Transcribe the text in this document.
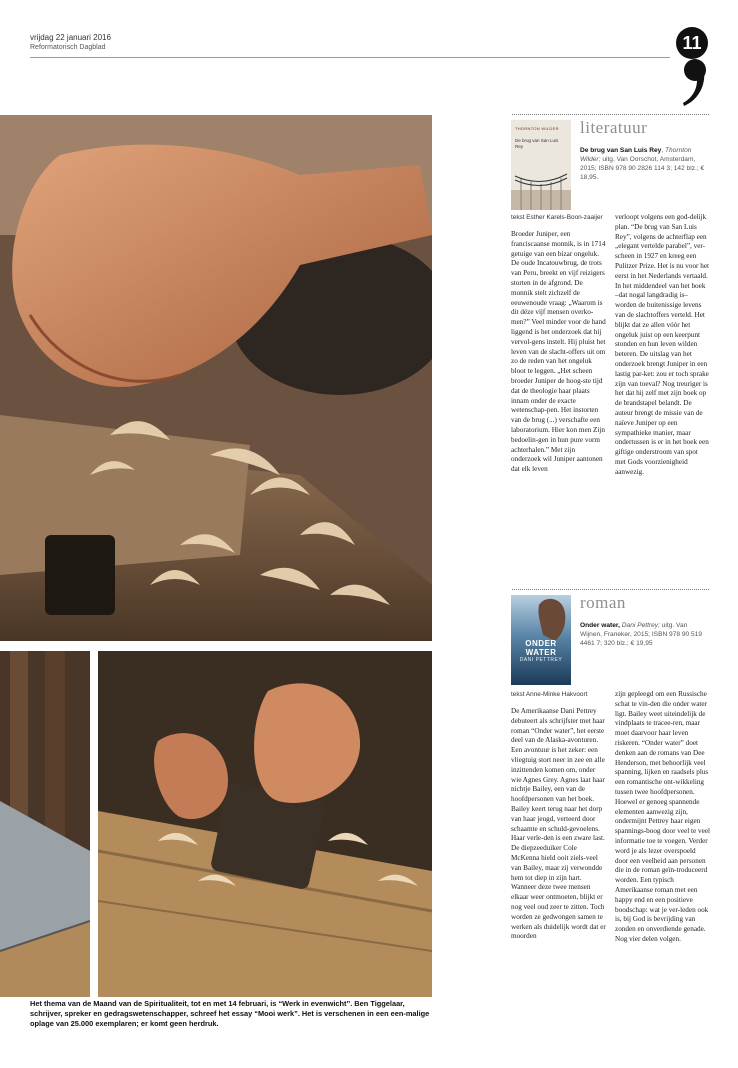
vrijdag 22 januari 2016
Reformatorisch Dagblad	11
Het thema van de Maand van de Spiritualiteit, tot en met 14 februari, is “Werk in evenwicht”. Ben Tiggelaar, schrijver, spreker en gedragswetenschapper, schreef het essay “Mooi werk”. Het is verschenen in een een-malige oplage van 25.000 exemplaren; er komt geen herdruk.
literatuur
THORNTON WILDER
De brug van San Luis Rey
De brug van San Luis Rey, Thornton Wilder; uitg. Van Oorschot, Amsterdam, 2015; ISBN 978 90 2826 114 3; 142 blz.; € 18,95.
tekst Esther Karels-Boon-zaaijer

Broeder Juniper, een franciscaanse monnik, is in 1714 getuige van een bizar ongeluk. De oude Incatouwbrug, de trots van Peru, breekt en vijf reizigers storten in de afgrond. De monnik stelt zichzelf de eeuwenoude vraag: „Waarom is dit déze vijf mensen overko-men?” Veel minder voor de hand liggend is het onderzoek dat hij vervol-gens instelt. Hij pluist het leven van de slacht-offers uit om zo de reden van het ongeluk bloot te leggen. „Het scheen broeder Juniper de hoog-ste tijd dat de theologie haar plaats innam onder de exacte wetenschap-pen. Het instorten van de brug (...) verschafte een laboratorium. Hier kon men Zijn bedoelin-gen in hun pure vorm achterhalen.” Met zijn onderzoek wil Juniper aantonen dat elk leven

verloopt volgens een god-delijk plan. “De brug van San Luis Rey”, volgens de achterflap een „elegant vertelde parabel”, ver-scheen in 1927 en kreeg een Pulitzer Prize. Het is nu voor het eerst in het Nederlands vertaald. In het middendeel van het boek –dat nogal langdradig is– worden de buitenissige levens van de slachtoffers verteld. Het blijkt dat ze allen vóór het ongeluk juist op een keerpunt stonden en hun leven wilden beteren. De uitslag van het onderzoek brengt Juniper in een lastig par-ket: zou er toch sprake zijn van toeval? Nog treuriger is het dat hij zelf met zijn boek op de brandstapel belandt. De auteur brengt de missie van de naïeve Juniper op een sympathieke manier, maar ondertussen is er in het boek een giftige onderstroom van spot met Gods voorzienigheid aanwezig.

roman
ONDER WATER
DANI PETTREY
Onder water, Dani Pettrey; uitg. Van Wijnen, Franeker, 2015; ISBN 978 90 519 4461 7; 320 blz.; € 19,95
tekst Anne-Minke Hakvoort

De Amerikaanse Dani Pettrey debuteert als schrijfster met haar roman “Onder water”, het eerste deel van de Alaska-avonturen. Een avontuur is het zeker: een vliegtuig stort neer in zee en alle inzittenden komen om, onder wie Agnes Grey. Agnes laat haar nichtje Bailey, een van de hoofdpersonen van het boek. Bailey keert terug naar het dorp van haar jeugd, verteerd door schaamte en schuld-gevoelens. Haar verle-den is een zware last. De diepzeeduiker Cole McKenna hield ooit ziels-veel van Bailey, maar zij verwondde hem tot diep in zijn hart. Wanneer deze twee mensen elkaar weer ontmoeten, blijkt er nog veel oud zeer te zitten. Toch worden ze gedwongen samen te werken als duidelijk wordt dat er moorden

zijn gepleegd om een Russische schat te vin-den die onder water ligt. Bailey weet uiteindelijk de vindplaats te tracee-ren, maar moet daarvoor haar leven riskeren. “Onder water” doet denken aan de romans van Dee Henderson, met behoorlijk veel spanning, lijken en raadsels plus een romantische ont-wikkeling tussen twee hoofdpersonen. Hoewel er genoeg spannende elementen aanwezig zijn, ondermijnt Pettrey haar eigen spannings-boog door veel te veel informatie toe te voegen. Verder word je als lezer overspoeld door een veelheid aan personen die in de roman geïn-troduceerd worden. Een typisch Amerikaanse roman met een happy end en een positieve boodschap: wat je ver-leden ook is, bij God is bevrijding van zonden en onverdiende genade. Nog vier delen volgen.
